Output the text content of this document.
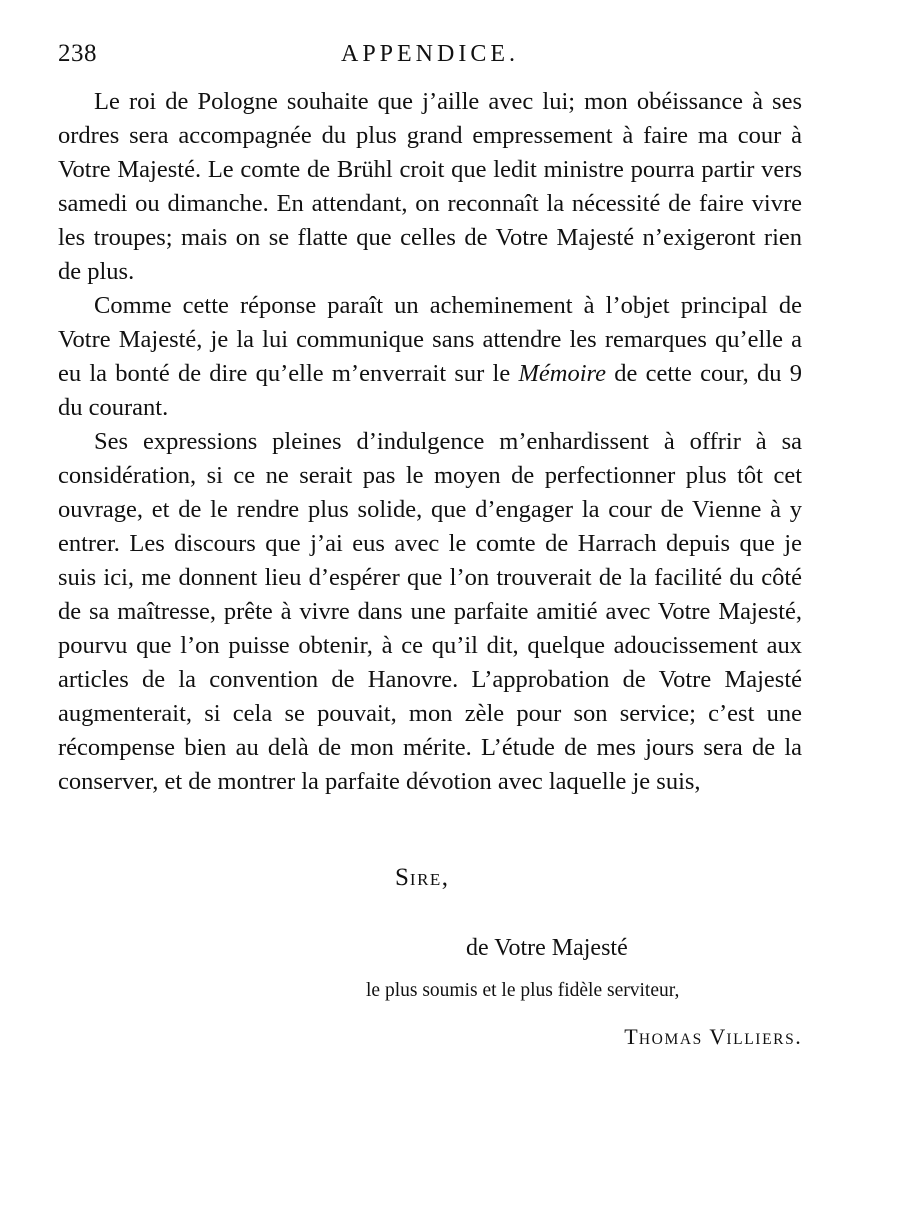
238	APPENDICE.

Le roi de Pologne souhaite que j’aille avec lui; mon obéissance à ses ordres sera accompagnée du plus grand empressement à faire ma cour à Votre Majesté. Le comte de Brühl croit que ledit ministre pourra partir vers samedi ou dimanche. En attendant, on reconnaît la nécessité de faire vivre les troupes; mais on se flatte que celles de Votre Majesté n’exigeront rien de plus.

Comme cette réponse paraît un acheminement à l’objet principal de Votre Majesté, je la lui communique sans attendre les remarques qu’elle a eu la bonté de dire qu’elle m’enverrait sur le Mémoire de cette cour, du 9 du courant.

Ses expressions pleines d’indulgence m’enhardissent à offrir à sa considération, si ce ne serait pas le moyen de perfectionner plus tôt cet ouvrage, et de le rendre plus solide, que d’engager la cour de Vienne à y entrer. Les discours que j’ai eus avec le comte de Harrach depuis que je suis ici, me donnent lieu d’espérer que l’on trouverait de la facilité du côté de sa maîtresse, prête à vivre dans une parfaite amitié avec Votre Majesté, pourvu que l’on puisse obtenir, à ce qu’il dit, quelque adoucissement aux articles de la convention de Hanovre. L’approbation de Votre Majesté augmenterait, si cela se pouvait, mon zèle pour son service; c’est une récompense bien au delà de mon mérite. L’étude de mes jours sera de la conserver, et de montrer la parfaite dévotion avec laquelle je suis,

SIRE,
de Votre Majesté
le plus soumis et le plus fidèle serviteur,
THOMAS VILLIERS.
